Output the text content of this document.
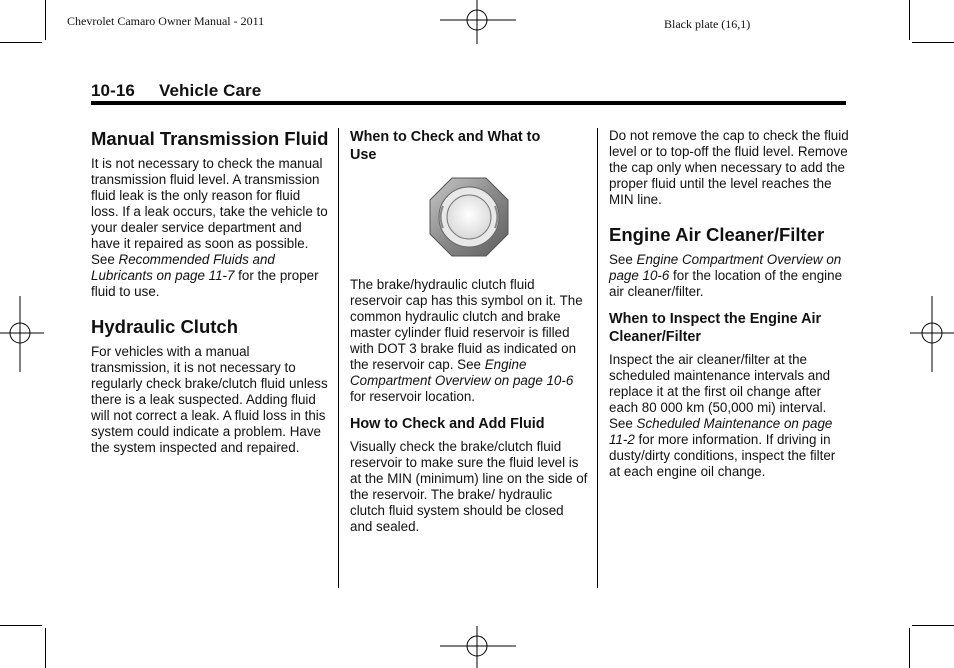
Chevrolet Camaro Owner Manual - 2011	Black plate (16,1)
10-16 Vehicle Care
Manual Transmission Fluid

It is not necessary to check the manual transmission fluid level. A transmission fluid leak is the only reason for fluid loss. If a leak occurs, take the vehicle to your dealer service department and have it repaired as soon as possible. See Recommended Fluids and Lubricants on page 11-7 for the proper fluid to use.

Hydraulic Clutch

For vehicles with a manual transmission, it is not necessary to regularly check brake/clutch fluid unless there is a leak suspected. Adding fluid will not correct a leak. A fluid loss in this system could indicate a problem. Have the system inspected and repaired.

When to Check and What to Use

The brake/hydraulic clutch fluid reservoir cap has this symbol on it. The common hydraulic clutch and brake master cylinder fluid reservoir is filled with DOT 3 brake fluid as indicated on the reservoir cap. See Engine Compartment Overview on page 10-6 for reservoir location.

How to Check and Add Fluid

Visually check the brake/clutch fluid reservoir to make sure the fluid level is at the MIN (minimum) line on the side of the reservoir. The brake/ hydraulic clutch fluid system should be closed and sealed.

Do not remove the cap to check the fluid level or to top-off the fluid level. Remove the cap only when necessary to add the proper fluid until the level reaches the MIN line.

Engine Air Cleaner/Filter

See Engine Compartment Overview on page 10-6 for the location of the engine air cleaner/filter.

When to Inspect the Engine Air Cleaner/Filter

Inspect the air cleaner/filter at the scheduled maintenance intervals and replace it at the first oil change after each 80 000 km (50,000 mi) interval. See Scheduled Maintenance on page 11-2 for more information. If driving in dusty/dirty conditions, inspect the filter at each engine oil change.
